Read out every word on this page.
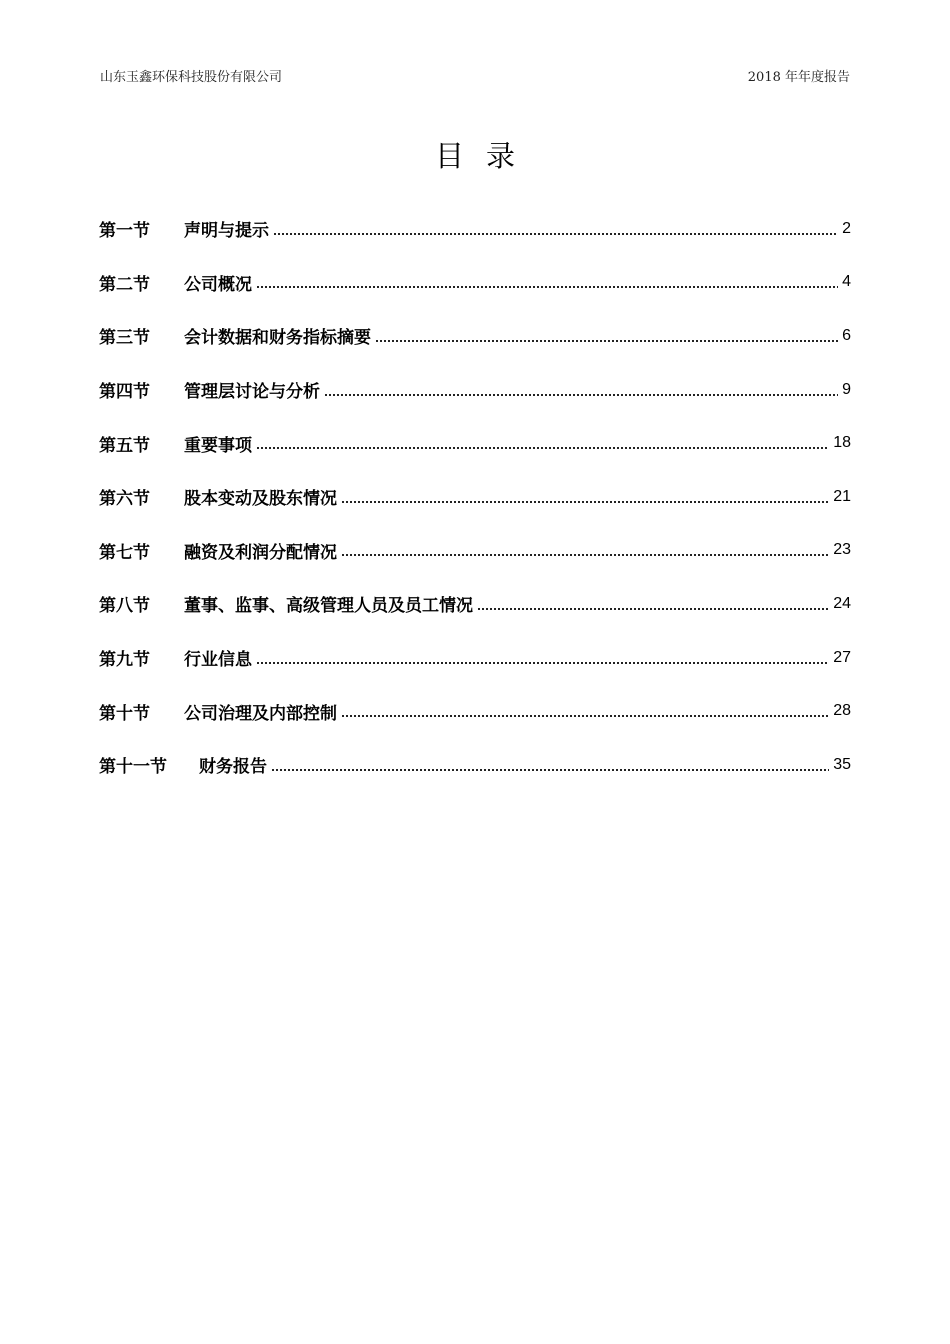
山东玉鑫环保科技股份有限公司	2018 年年度报告
目录
第一节	声明与提示	2
第二节	公司概况	4
第三节	会计数据和财务指标摘要	6
第四节	管理层讨论与分析	9
第五节	重要事项	18
第六节	股本变动及股东情况	21
第七节	融资及利润分配情况	23
第八节	董事、监事、高级管理人员及员工情况	24
第九节	行业信息	27
第十节	公司治理及内部控制	28
第十一节	财务报告	35
